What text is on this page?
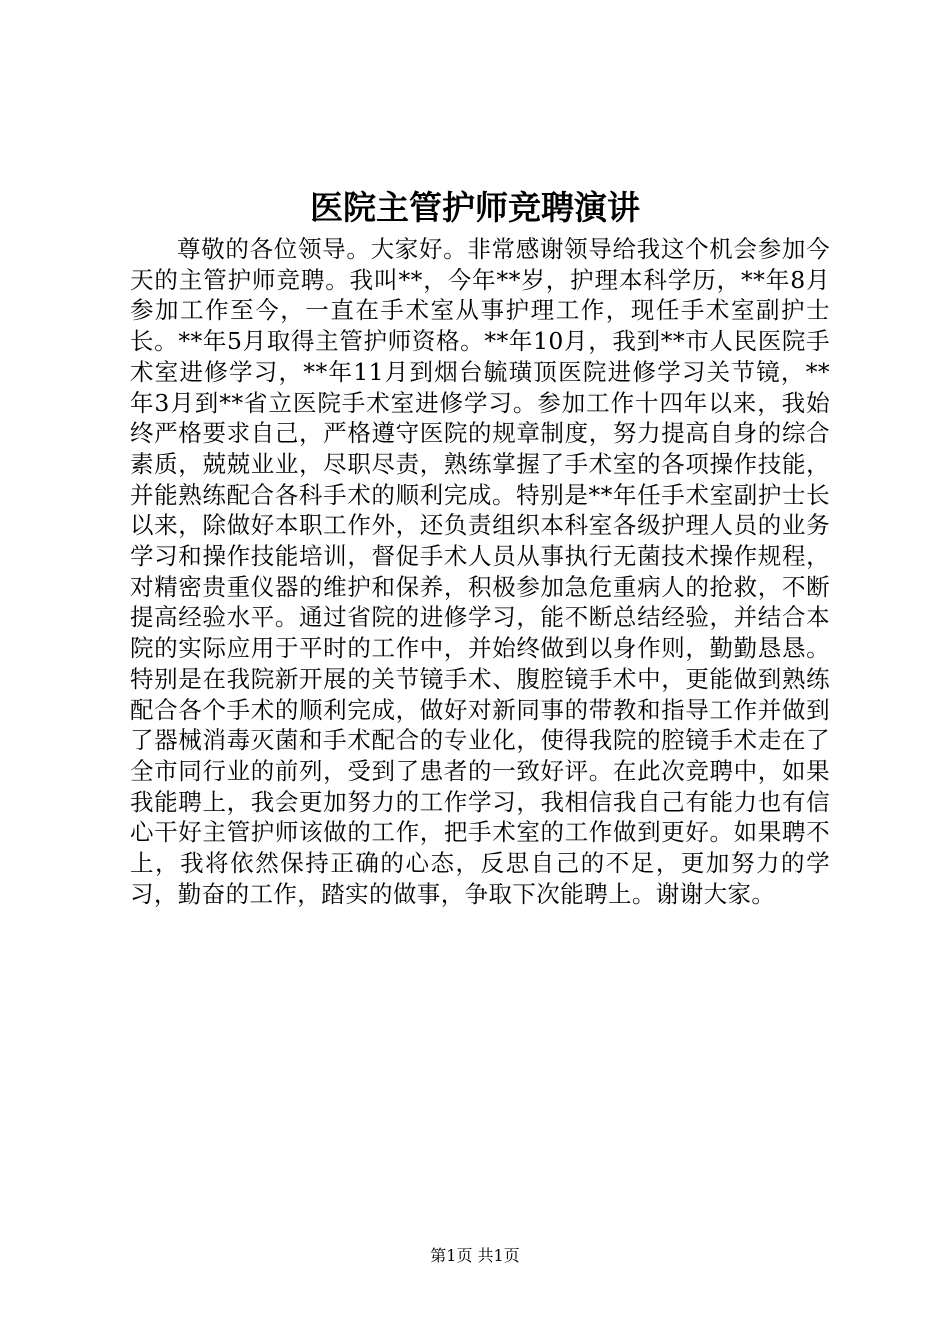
医院主管护师竞聘演讲

尊敬的各位领导。大家好。非常感谢领导给我这个机会参加今天的主管护师竞聘。我叫**，今年**岁，护理本科学历，**年8月参加工作至今，一直在手术室从事护理工作，现任手术室副护士长。**年5月取得主管护师资格。**年10月，我到**市人民医院手术室进修学习，**年11月到烟台毓璜顶医院进修学习关节镜，**年3月到**省立医院手术室进修学习。参加工作十四年以来，我始终严格要求自己，严格遵守医院的规章制度，努力提高自身的综合素质，兢兢业业，尽职尽责，熟练掌握了手术室的各项操作技能，并能熟练配合各科手术的顺利完成。特别是**年任手术室副护士长以来，除做好本职工作外，还负责组织本科室各级护理人员的业务学习和操作技能培训，督促手术人员从事执行无菌技术操作规程，对精密贵重仪器的维护和保养，积极参加急危重病人的抢救，不断提高经验水平。通过省院的进修学习，能不断总结经验，并结合本院的实际应用于平时的工作中，并始终做到以身作则，勤勤恳恳。特别是在我院新开展的关节镜手术、腹腔镜手术中，更能做到熟练配合各个手术的顺利完成，做好对新同事的带教和指导工作并做到了器械消毒灭菌和手术配合的专业化，使得我院的腔镜手术走在了全市同行业的前列，受到了患者的一致好评。在此次竞聘中，如果我能聘上，我会更加努力的工作学习，我相信我自己有能力也有信心干好主管护师该做的工作，把手术室的工作做到更好。如果聘不上，我将依然保持正确的心态，反思自己的不足，更加努力的学习，勤奋的工作，踏实的做事，争取下次能聘上。谢谢大家。

第1页 共1页
